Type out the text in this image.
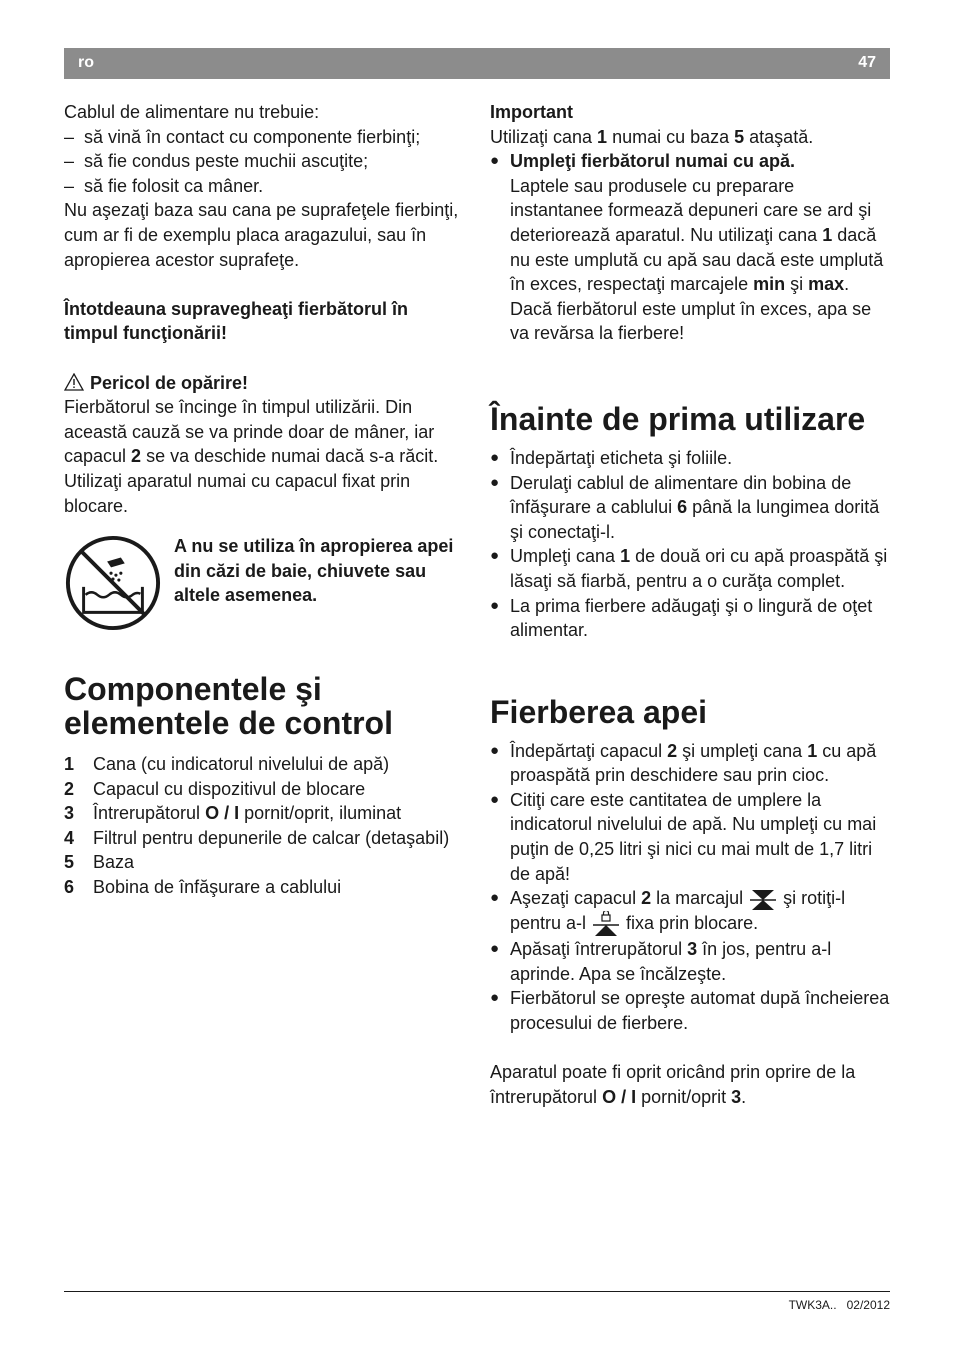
ro	47

Cablul de alimentare nu trebuie:

– să vină în contact cu componente fierbinţi;

– să fie condus peste muchii ascuţite;

– să fie folosit ca mâner.

Nu aşezaţi baza sau cana pe suprafeţele fierbinţi, cum ar fi de exemplu placa aragazului, sau în apropierea acestor suprafeţe.

Întotdeauna supravegheaţi fierbătorul în timpul funcţionării!

Pericol de opărire!

Fierbătorul se încinge în timpul utilizării. Din această cauză se va prinde doar de mâner, iar capacul 2 se va deschide numai dacă s-a răcit.

Utilizaţi aparatul numai cu capacul fixat prin blocare.

A nu se utiliza în apropierea apei din căzi de baie, chiuvete sau altele asemenea.

Componentele şi elementele de control
1	Cana (cu indicatorul nivelului de apă)
2	Capacul cu dispozitivul de blocare
3	Întrerupătorul O / I pornit/oprit, iluminat
4	Filtrul pentru depunerile de calcar (detaşabil)
5	Baza
6	Bobina de înfăşurare a cablului

Important

Utilizaţi cana 1 numai cu baza 5 ataşată.

● Umpleţi fierbătorul numai cu apă.
Laptele sau produsele cu preparare instantanee formează depuneri care se ard şi deteriorează aparatul. Nu utilizaţi cana 1 dacă nu este umplută cu apă sau dacă este umplută în exces, respectaţi marcajele min şi max. Dacă fierbătorul este umplut în exces, apa se va revărsa la fierbere!

Înainte de prima utilizare

● Îndepărtaţi eticheta şi foliile.

● Derulaţi cablul de alimentare din bobina de înfăşurare a cablului 6 până la lungimea dorită şi conectaţi-l.

● Umpleţi cana 1 de două ori cu apă proaspătă şi lăsaţi să fiarbă, pentru a o curăţa complet.

● La prima fierbere adăugaţi şi o lingură de oţet alimentar.

Fierberea apei

● Îndepărtaţi capacul 2 şi umpleţi cana 1 cu apă proaspătă prin deschidere sau prin cioc.

● Citiţi care este cantitatea de umplere la indicatorul nivelului de apă. Nu umpleţi cu mai puţin de 0,25 litri şi nici cu mai mult de 1,7 litri de apă!

● Aşezaţi capacul 2 la marcajul  şi rotiţi-l pentru a-l  fixa prin blocare.

● Apăsaţi întrerupătorul 3 în jos, pentru a-l aprinde. Apa se încălzeşte.

● Fierbătorul se opreşte automat după încheierea procesului de fierbere.

Aparatul poate fi oprit oricând prin oprire de la întrerupătorul O / I pornit/oprit 3.

TWK3A.. 02/2012
